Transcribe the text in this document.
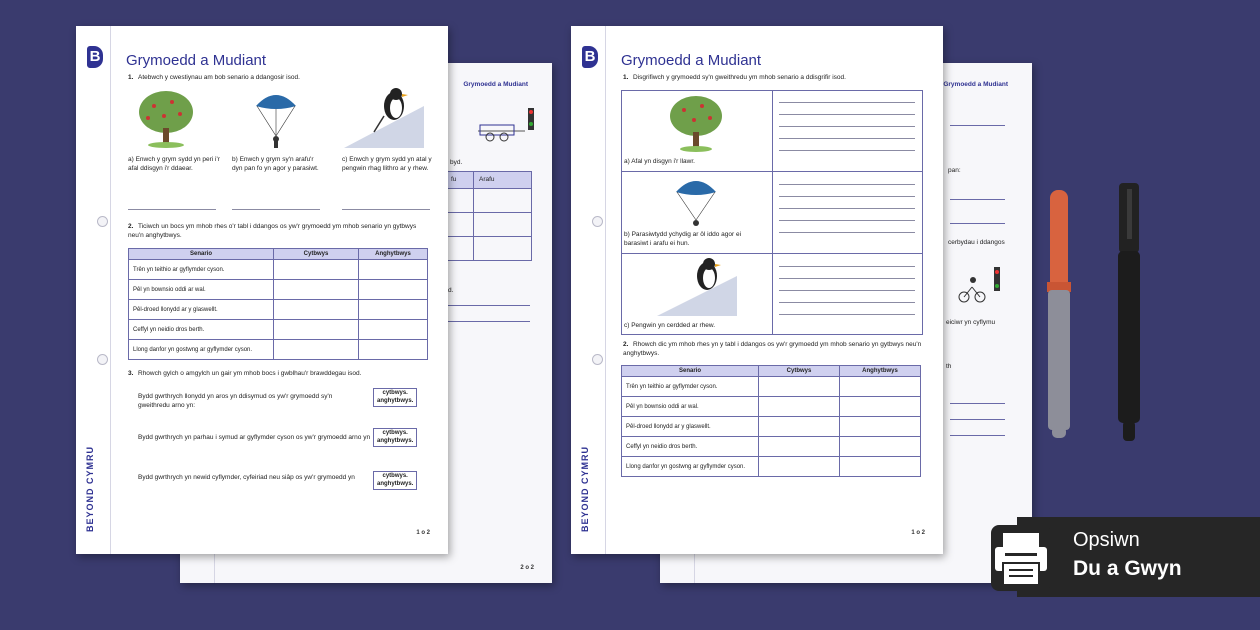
Grymoedd a Mudiant
byd.
fu	Arafu
d.
2 o 2
B
BEYOND CYMRU
Grymoedd a Mudiant
1. Atebwch y cwestiynau am bob senario a ddangosir isod.
a) Enwch y grym sydd yn peri i'r afal ddisgyn i'r ddaear.
b) Enwch y grym sy'n arafu'r dyn pan fo yn agor y parasiwt.
c) Enwch y grym sydd yn atal y pengwin rhag llithro ar y rhew.
2. Ticiwch un bocs ym mhob rhes o'r tabl i ddangos os yw'r grymoedd ym mhob senario yn gytbwys neu'n anghytbwys.
Senario	Cytbwys	Anghytbwys
Trên yn teithio ar gyflymder cyson.		
Pêl yn bownsio oddi ar wal.		
Pêl-droed llonydd ar y glaswellt.		
Ceffyl yn neidio dros berth.		
Llong danfor yn gostwng ar gyflymder cyson.		
3. Rhowch gylch o amgylch un gair ym mhob bocs i gwblhau'r brawddegau isod.
Bydd gwrthrych llonydd yn aros yn ddisymud os yw'r grymoedd sy'n gweithredu arno yn:
cytbwys.
anghytbwys.
Bydd gwrthrych yn parhau i symud ar gyflymder cyson os yw'r grymoedd arno yn
cytbwys.
anghytbwys.
Bydd gwrthrych yn newid cyflymder, cyfeiriad neu siâp os yw'r grymoedd yn	cytbwys.
anghytbwys.
1 o 2
Grymoedd a Mudiant
pan:
cerbydau i ddangos
eiciwr yn cyflymu
th
B
BEYOND CYMRU
Grymoedd a Mudiant
1. Disgrifiwch y grymoedd sy'n gweithredu ym mhob senario a ddisgrifir isod.
a) Afal yn disgyn i'r llawr.
b) Parasiwtydd ychydig ar ôl iddo agor ei barasiwt i arafu ei hun.
c) Pengwin yn cerdded ar rhew.
2. Rhowch dic ym mhob rhes yn y tabl i ddangos os yw'r grymoedd ym mhob senario yn gytbwys neu'n anghytbwys.
Senario	Cytbwys	Anghytbwys
Trên yn teithio ar gyflymder cyson.		
Pêl yn bownsio oddi ar wal.		
Pêl-droed llonydd ar y glaswellt.		
Ceffyl yn neidio dros berth.		
Llong danfor yn gostwng ar gyflymder cyson.		
1 o 2	Opsiwn
Du a Gwyn
